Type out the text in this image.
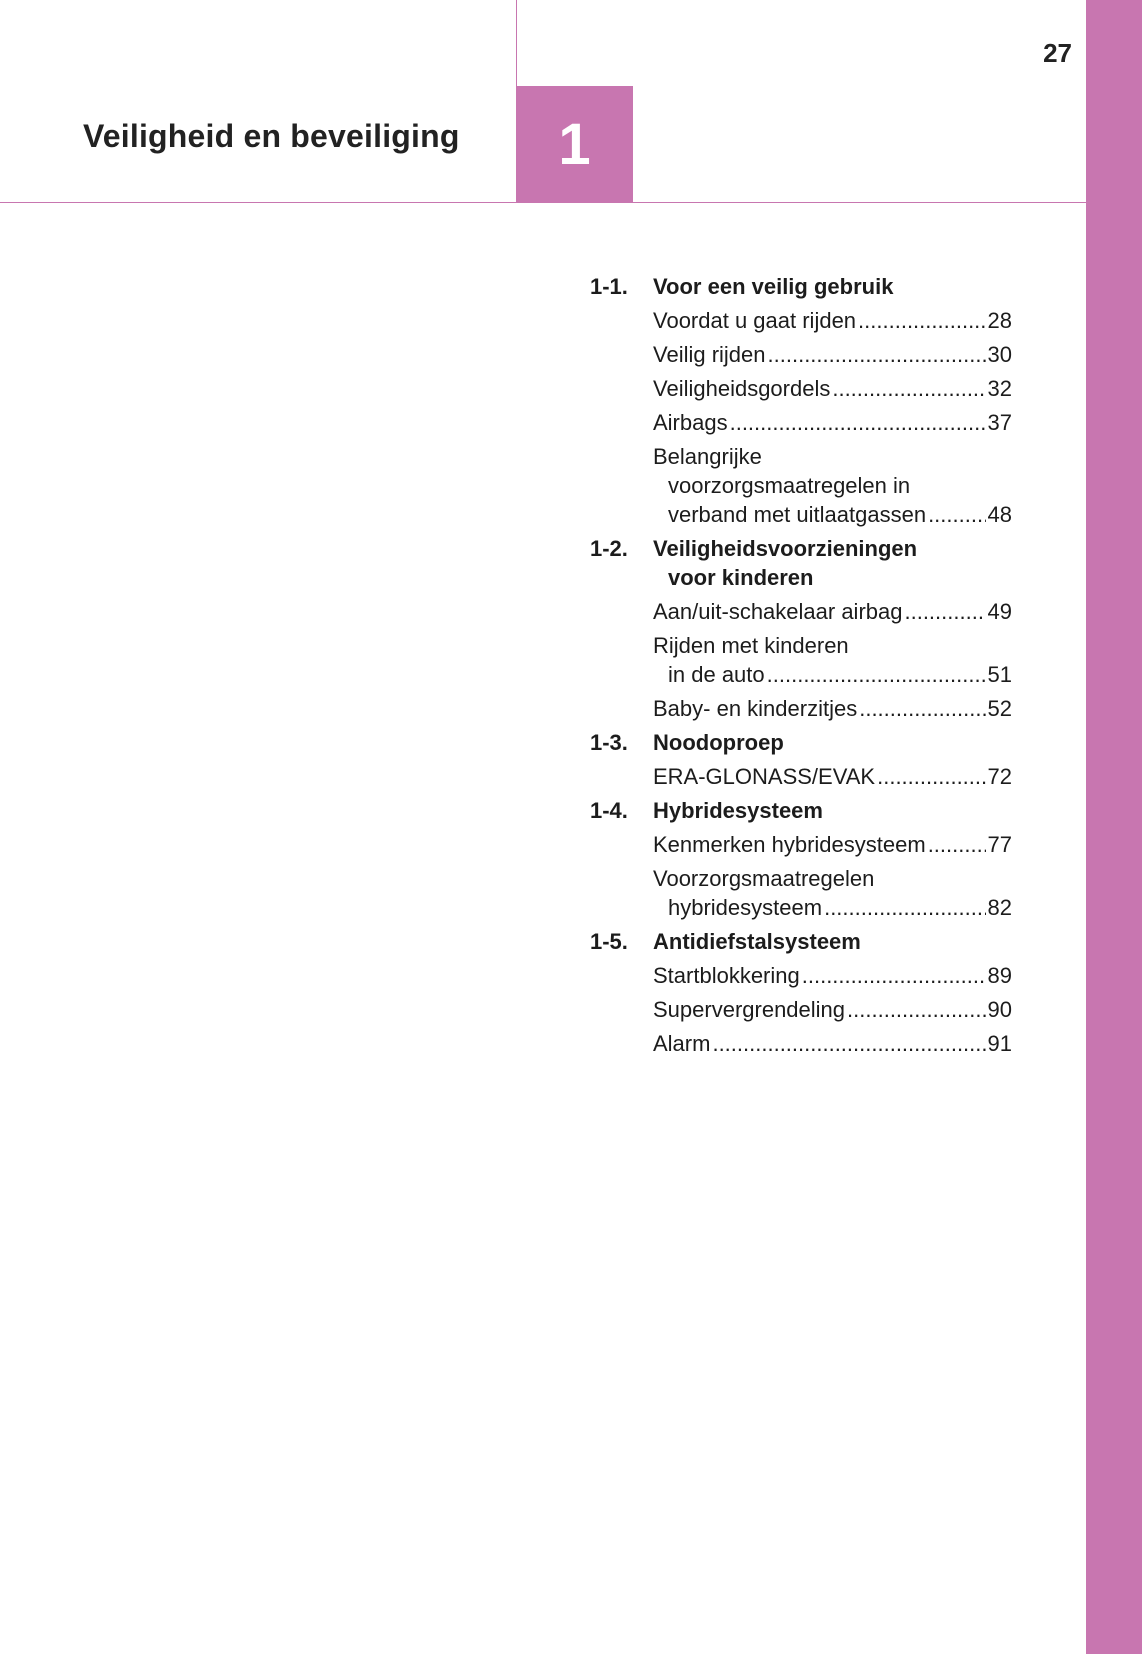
27
Veiligheid en beveiliging	1
1-1. Voor een veilig gebruik
Voordat u gaat rijden .....	28
Veilig rijden .....	30
Veiligheidsgordels .....	32
Airbags .....	37
Belangrijke
voorzorgsmaatregelen in
verband met uitlaatgassen .....	48
1-2. Veiligheidsvoorzieningen
voor kinderen
Aan/uit-schakelaar airbag .....	49
Rijden met kinderen
in de auto .....	51
Baby- en kinderzitjes .....	52
1-3. Noodoproep
ERA-GLONASS/EVAK .....	72
1-4. Hybridesysteem
Kenmerken hybridesysteem .....	77
Voorzorgsmaatregelen
hybridesysteem .....	82
1-5. Antidiefstalsysteem
Startblokkering .....	89
Supervergrendeling .....	90
Alarm .....	91
